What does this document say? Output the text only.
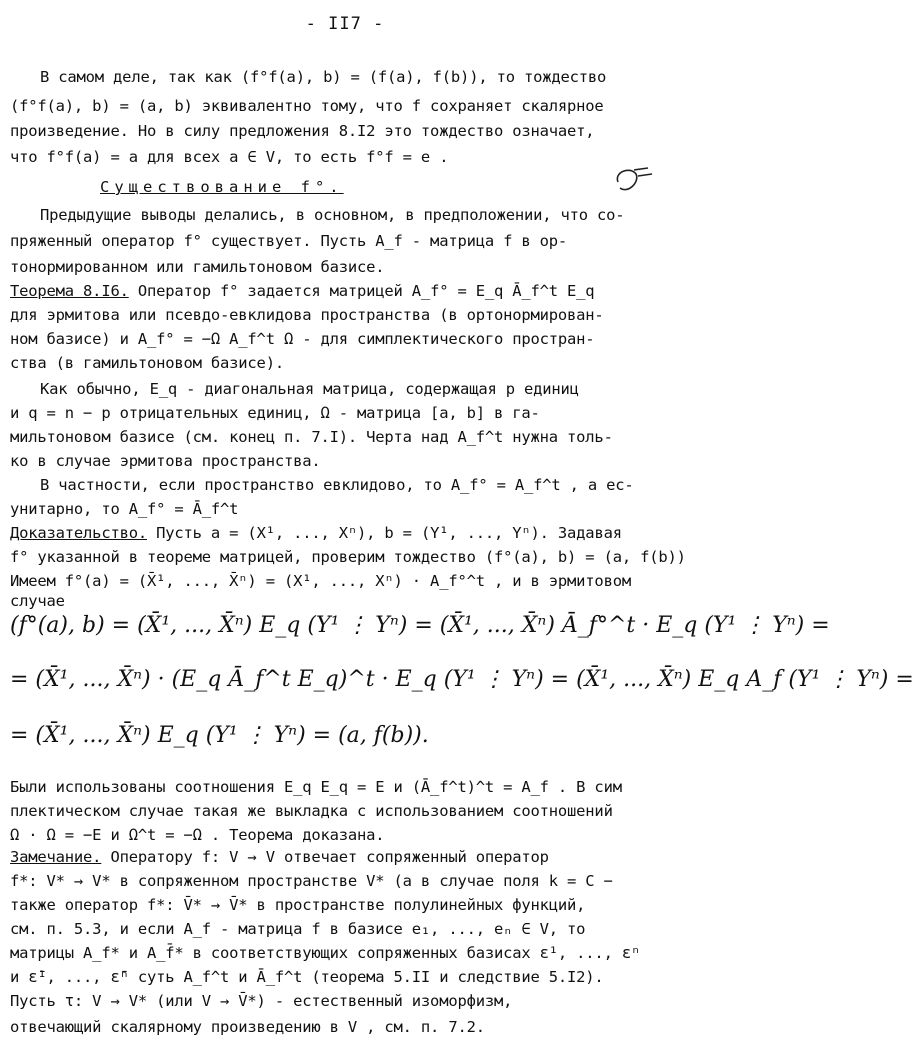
- II7 -
В самом деле, так как (f°f(a), b) = (f(a), f(b)), то тождество
(f°f(a), b) = (a, b) эквивалентно тому, что f сохраняет скалярное
произведение. Но в силу предложения 8.I2 это тождество означает,
что f°f(a) = a для всех a ∈ V, то есть f°f = e .
Предыдущие выводы делались, в основном, в предположении, что со-
пряженный оператор f° существует. Пусть A_f - матрица f в ор-
тонормированном или гамильтоновом базисе.
для эрмитова или псевдо-евклидова пространства (в ортонормирован-
ном базисе) и A_f° = −Ω A_f^t Ω - для симплектического простран-
ства (в гамильтоновом базисе).
Как обычно, E_q - диагональная матрица, содержащая p единиц
и q = n − p отрицательных единиц, Ω - матрица [a, b] в га-
мильтоновом базисе (см. конец п. 7.I). Черта над A_f^t нужна толь-
ко в случае эрмитова пространства.
В частности, если пространство евклидово, то A_f° = A_f^t , а ес-
унитарно, то A_f° = Ā_f^t
f° указанной в теореме матрицей, проверим тождество (f°(a), b) = (a, f(b))
Имеем f°(a) = (X̄¹, ..., X̄ⁿ) = (X¹, ..., Xⁿ) · A_f°^t , и в эрмитовом
случае
Были использованы соотношения E_q E_q = E и (Ā_f^t)^t = A_f . В сим
плектическом случае такая же выкладка с использованием соотношений
Ω · Ω = −E и Ω^t = −Ω . Теорема доказана.
f*: V* → V* в сопряженном пространстве V* (а в случае поля k = C −
также оператор f*: V̄* → V̄* в пространстве полулинейных функций,
см. п. 5.3, и если A_f - матрица f в базисе e₁, ..., eₙ ∈ V, то
матрицы A_f* и A_f̄* в соответствующих сопряженных базисах ε¹, ..., εⁿ
и ε̄¹, ..., ε̄ⁿ суть A_f^t и Ā_f^t (теорема 5.II и следствие 5.I2).
Пусть τ: V → V* (или V → V̄*) - естественный изоморфизм,
отвечающий скалярному произведению в V , см. п. 7.2.
Существование f°.
Теорема 8.I6. Оператор f° задается матрицей A_f° = E_q Ā_f^t E_q
Доказательство. Пусть a = (X¹, ..., Xⁿ), b = (Y¹, ..., Yⁿ). Задавая
(f°(a), b) = (X̄¹, ..., X̄ⁿ) E_q (Y¹ ⋮ Yⁿ) = (X̄¹, ..., X̄ⁿ) Ā_f°^t · E_q (Y¹ ⋮ Yⁿ) =
= (X̄¹, ..., X̄ⁿ) · (E_q Ā_f^t E_q)^t · E_q (Y¹ ⋮ Yⁿ) = (X̄¹, ..., X̄ⁿ) E_q A_f (Y¹ ⋮ Yⁿ) =
= (X̄¹, ..., X̄ⁿ) E_q (Y¹ ⋮ Yⁿ) = (a, f(b)).
Замечание. Оператору f: V → V отвечает сопряженный оператор
